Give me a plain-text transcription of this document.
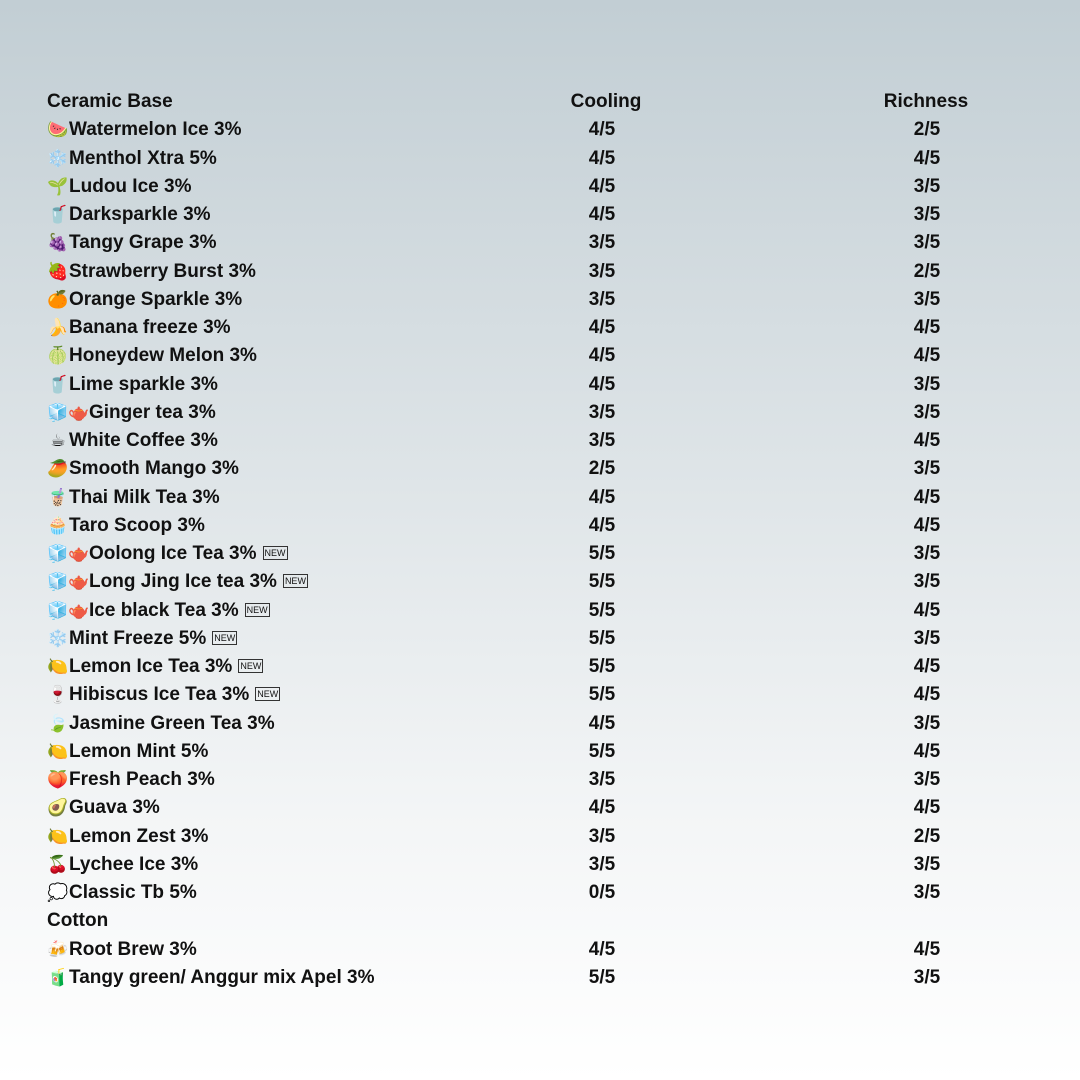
Ceramic Base	Cooling	Richness
🍉Watermelon Ice 3%	4/5	2/5
❄️Menthol Xtra 5%	4/5	4/5
🌱Ludou Ice 3%	4/5	3/5
🥤Darksparkle 3%	4/5	3/5
🍇Tangy Grape 3%	3/5	3/5
🍓Strawberry Burst 3%	3/5	2/5
🍊Orange Sparkle 3%	3/5	3/5
🍌Banana freeze 3%	4/5	4/5
🍈Honeydew Melon 3%	4/5	4/5
🥤Lime sparkle 3%	4/5	3/5
🧊🫖Ginger tea 3%	3/5	3/5
☕ White Coffee 3%	3/5	4/5
🥭Smooth Mango 3%	2/5	3/5
🧋Thai Milk Tea 3%	4/5	4/5
🧁Taro Scoop 3%	4/5	4/5
🧊🫖Oolong Ice Tea 3% NEW	5/5	3/5
🧊🫖Long Jing Ice tea 3% NEW	5/5	3/5
🧊🫖Ice black Tea 3% NEW	5/5	4/5
❄️Mint Freeze 5% NEW	5/5	3/5
🍋Lemon Ice Tea 3% NEW	5/5	4/5
🍷Hibiscus Ice Tea 3% NEW	5/5	4/5
🍃Jasmine Green Tea 3%	4/5	3/5
🍋Lemon Mint 5%	5/5	4/5
🍑Fresh Peach 3%	3/5	3/5
🥑Guava 3%	4/5	4/5
🍋Lemon Zest 3%	3/5	2/5
🍒Lychee Ice 3%	3/5	3/5
💭Classic Tb 5%	0/5	3/5
Cotton
🍻Root Brew 3%	4/5	4/5
🧃Tangy green/ Anggur mix Apel 3%	5/5	3/5
